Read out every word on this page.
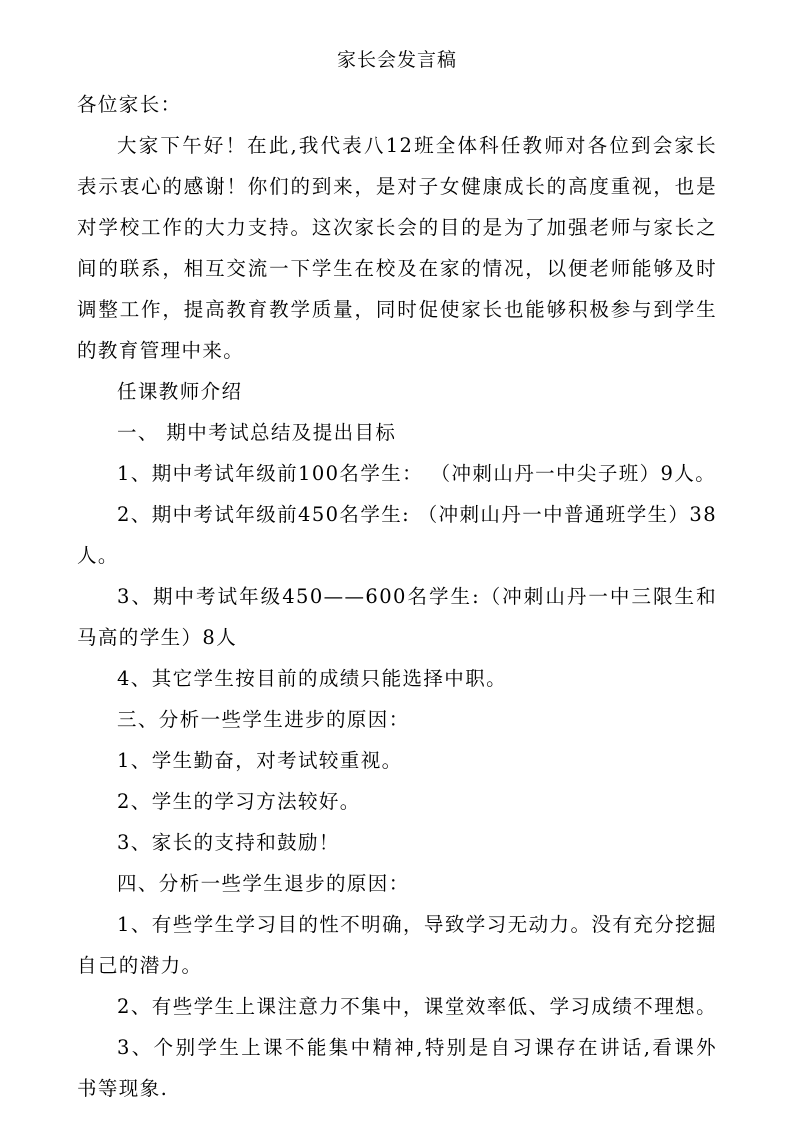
家长会发言稿
各位家长：
大家下午好！在此,我代表八12班全体科任教师对各位到会家长
表示衷心的感谢！你们的到来，是对子女健康成长的高度重视，也是
对学校工作的大力支持。这次家长会的目的是为了加强老师与家长之
间的联系，相互交流一下学生在校及在家的情况，以便老师能够及时
调整工作，提高教育教学质量，同时促使家长也能够积极参与到学生
的教育管理中来。
任课教师介绍
一、 期中考试总结及提出目标
1、期中考试年级前100名学生： （冲刺山丹一中尖子班）9人。
2、期中考试年级前450名学生: （冲刺山丹一中普通班学生）38
人。
3、期中考试年级450——600名学生:（冲刺山丹一中三限生和
马高的学生）8人
4、其它学生按目前的成绩只能选择中职。
三、分析一些学生进步的原因：
1、学生勤奋，对考试较重视。
2、学生的学习方法较好。
3、家长的支持和鼓励！
四、分析一些学生退步的原因：
1、有些学生学习目的性不明确，导致学习无动力。没有充分挖掘
自己的潜力。
2、有些学生上课注意力不集中，课堂效率低、学习成绩不理想。
3、个别学生上课不能集中精神,特别是自习课存在讲话,看课外
书等现象.
